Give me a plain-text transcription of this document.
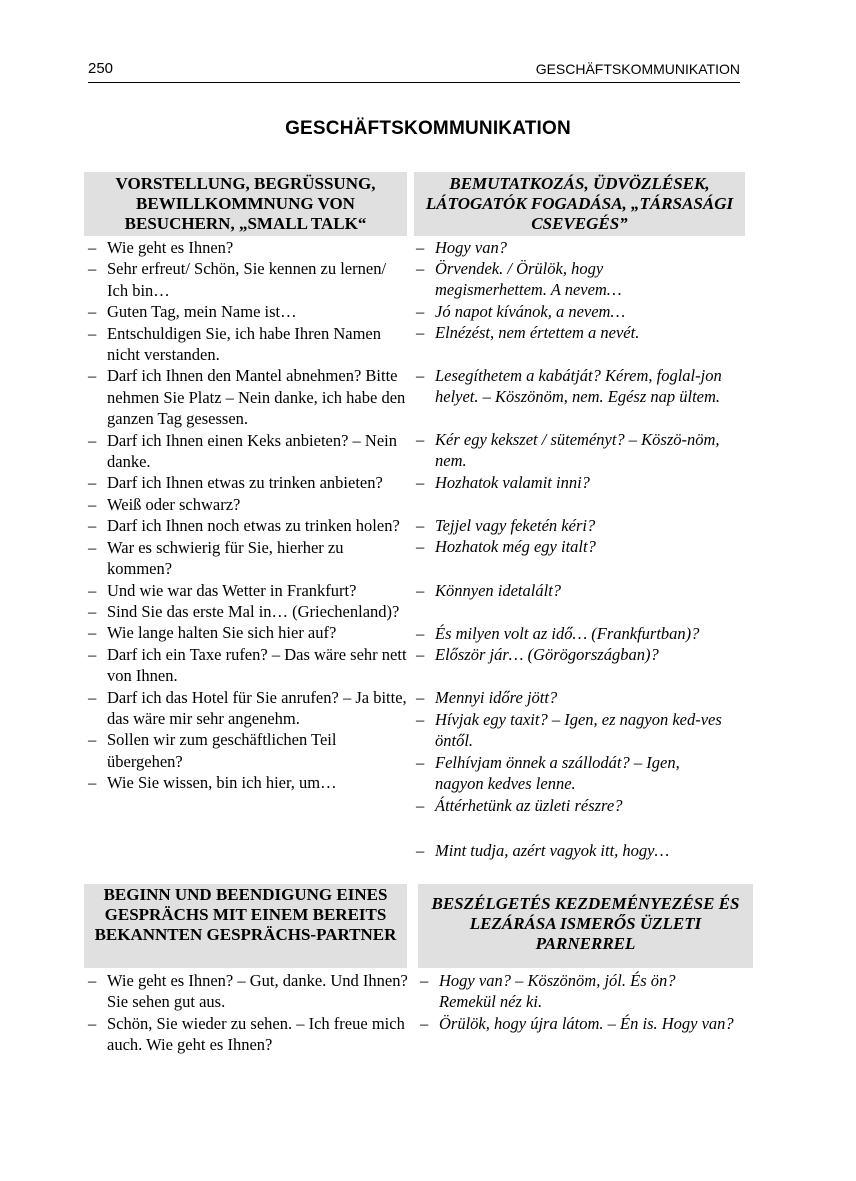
250	GESCHÄFTSKOMMUNIKATION
GESCHÄFTSKOMMUNIKATION
VORSTELLUNG, BEGRÜSSUNG, BEWILLKOMMNUNG VON BESUCHERN, „SMALL TALK“
BEMUTATKOZÁS, ÜDVÖZLÉSEK, LÁTOGATÓK FOGADÁSA, „TÁRSASÁGI CSEVEGÉS”
– Wie geht es Ihnen?
– Sehr erfreut/ Schön, Sie kennen zu lernen/ Ich bin…
– Guten Tag, mein Name ist…
– Entschuldigen Sie, ich habe Ihren Namen nicht verstanden.
– Darf ich Ihnen den Mantel abnehmen? Bitte nehmen Sie Platz – Nein danke, ich habe den ganzen Tag gesessen.
– Darf ich Ihnen einen Keks anbieten? – Nein danke.
– Darf ich Ihnen etwas zu trinken anbieten?
– Weiß oder schwarz?
– Darf ich Ihnen noch etwas zu trinken holen?
– War es schwierig für Sie, hierher zu kommen?
– Und wie war das Wetter in Frankfurt?
– Sind Sie das erste Mal in… (Griechenland)?
– Wie lange halten Sie sich hier auf?
– Darf ich ein Taxe rufen? – Das wäre sehr nett von Ihnen.
– Darf ich das Hotel für Sie anrufen? – Ja bitte, das wäre mir sehr angenehm.
– Sollen wir zum geschäftlichen Teil übergehen?
– Wie Sie wissen, bin ich hier, um…
– Hogy van?
– Örvendek. / Örülök, hogy megismerhettem. A nevem…
– Jó napot kívánok, a nevem…
– Elnézést, nem értettem a nevét.
– Lesegíthetem a kabátját? Kérem, foglal-jon helyet. – Köszönöm, nem. Egész nap ültem.
– Kér egy kekszet / süteményt? – Köszö-nöm, nem.
– Hozhatok valamit inni?
– Tejjel vagy feketén kéri?
– Hozhatok még egy italt?
– Könnyen idetalált?
– És milyen volt az idő… (Frankfurtban)?
– Először jár… (Görögországban)?
– Mennyi időre jött?
– Hívjak egy taxit? – Igen, ez nagyon ked-ves öntől.
– Felhívjam önnek a szállodát? – Igen, nagyon kedves lenne.
– Áttérhetünk az üzleti részre?
– Mint tudja, azért vagyok itt, hogy…
BEGINN UND BEENDIGUNG EINES GESPRÄCHS MIT EINEM BEREITS BEKANNTEN GESPRÄCHS-PARTNER
BESZÉLGETÉS KEZDEMÉNYEZÉSE ÉS LEZÁRÁSA ISMERŐS ÜZLETI PARNERREL
– Wie geht es Ihnen? – Gut, danke. Und Ihnen? Sie sehen gut aus.
– Schön, Sie wieder zu sehen. – Ich freue mich auch. Wie geht es Ihnen?
– Hogy van? – Köszönöm, jól. És ön? Remekül néz ki.
– Örülök, hogy újra látom. – Én is. Hogy van?
